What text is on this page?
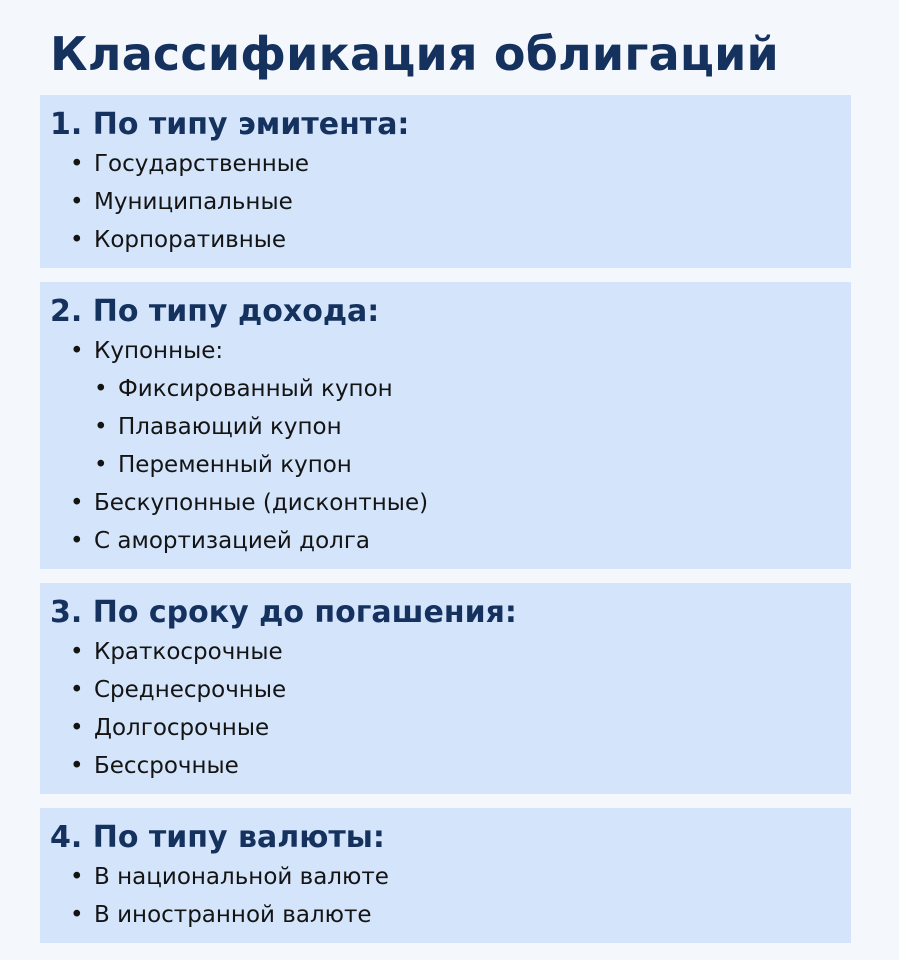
Классификация облигаций
1. По типу эмитента:
• Государственные
• Муниципальные
• Корпоративные
2. По типу дохода:
• Купонные:
• Фиксированный купон
• Плавающий купон
• Переменный купон
• Бескупонные (дисконтные)
• С амортизацией долга
3. По сроку до погашения:
• Краткосрочные
• Среднесрочные
• Долгосрочные
• Бессрочные
4. По типу валюты:
• В национальной валюте
• В иностранной валюте
